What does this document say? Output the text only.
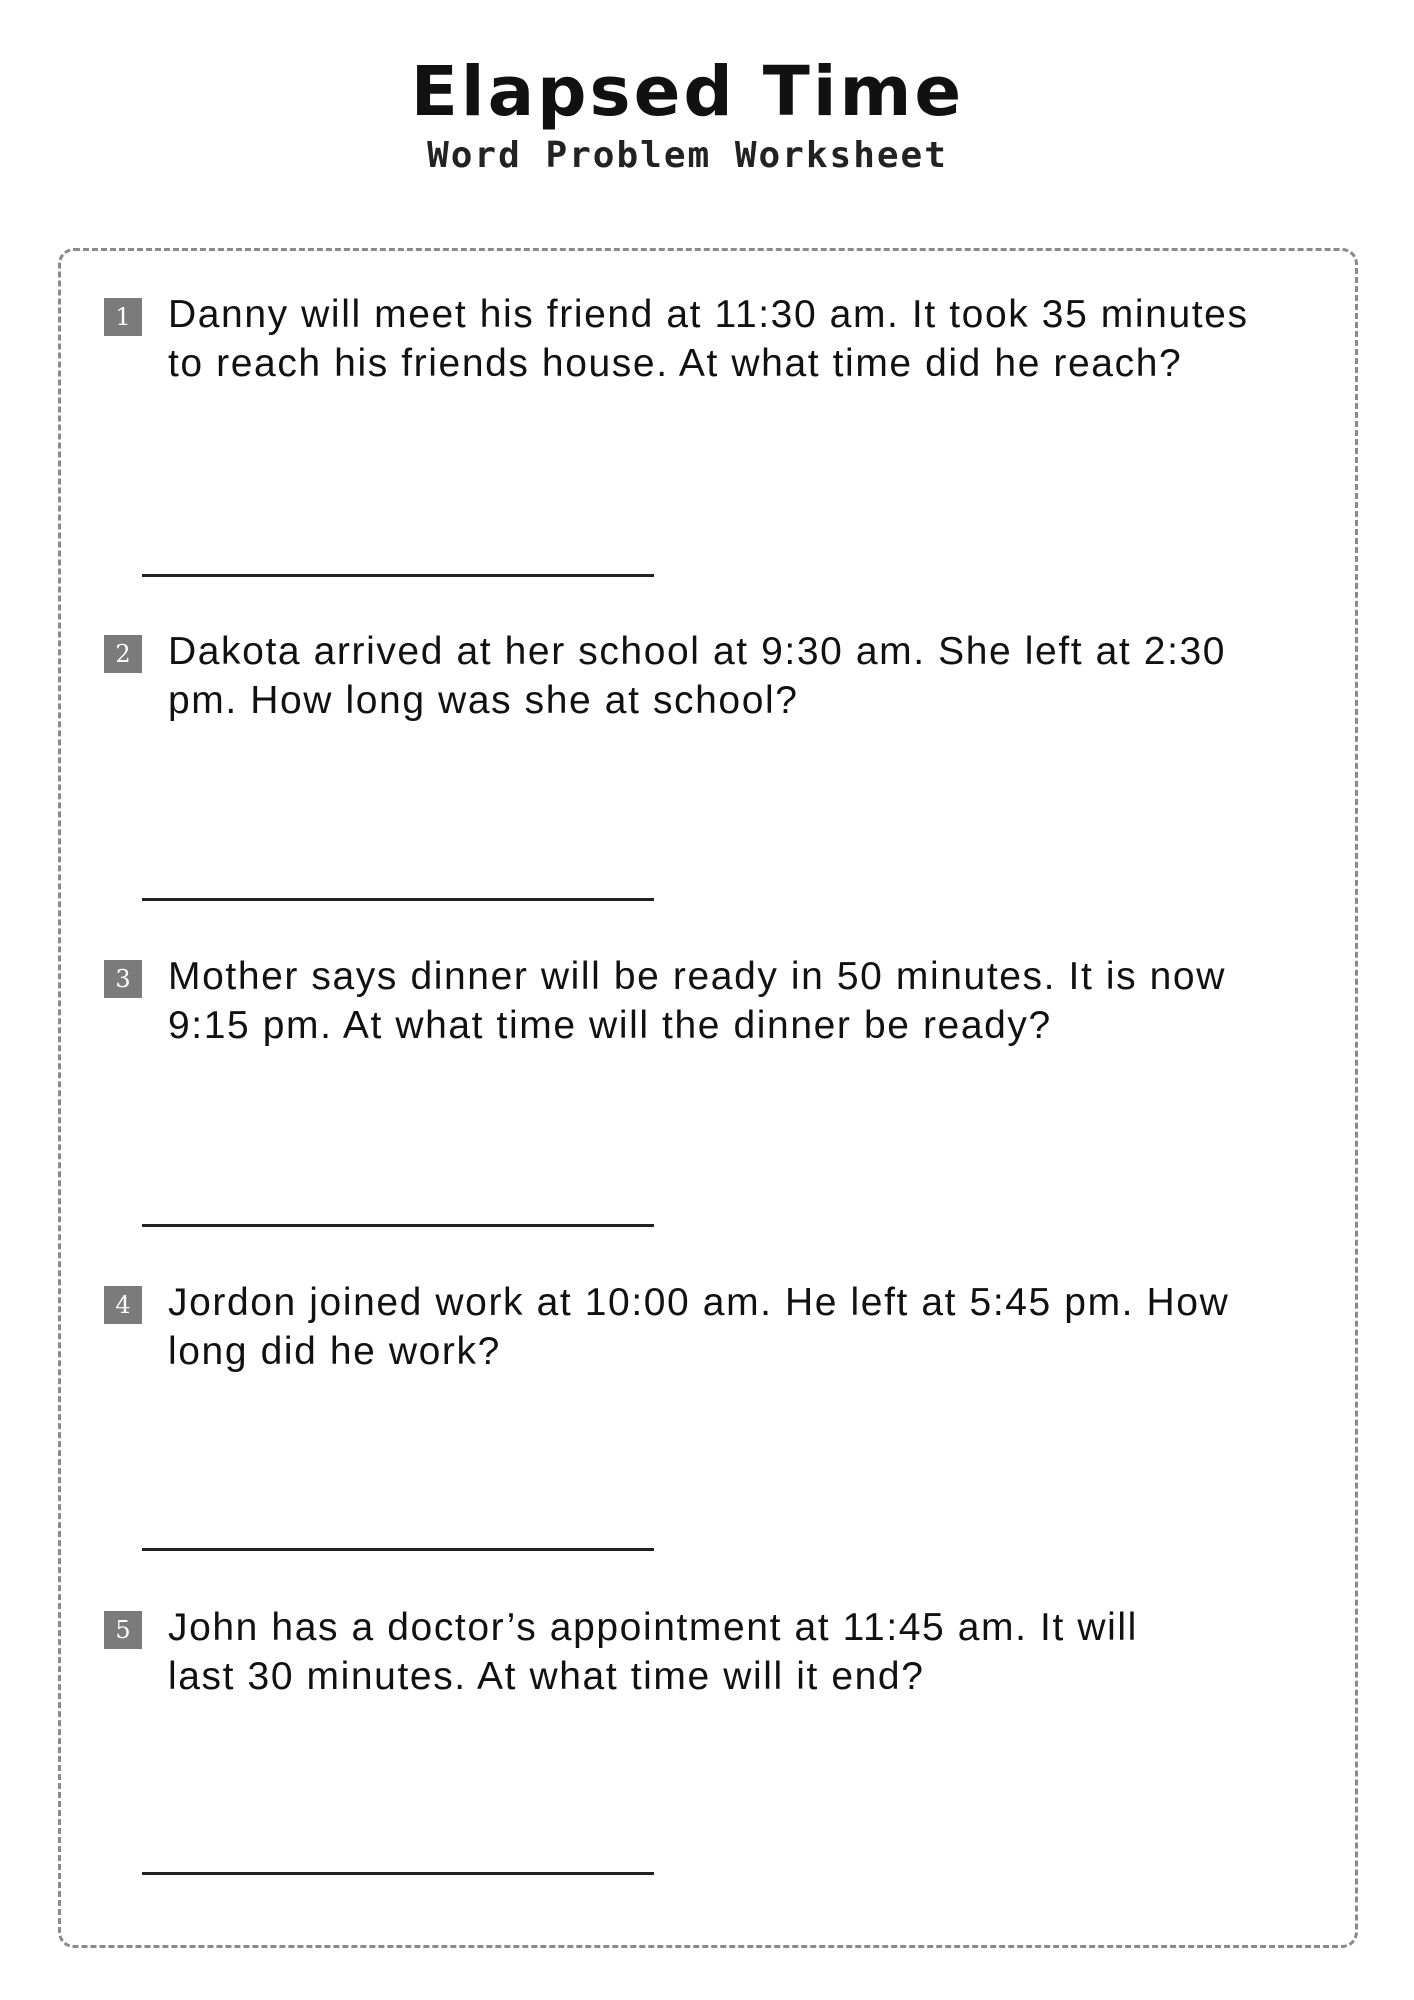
Elapsed Time
Word Problem Worksheet
1 Danny will meet his friend at 11:30 am. It took 35 minutes
to reach his friends house. At what time did he reach?

2 Dakota arrived at her school at 9:30 am. She left at 2:30
pm. How long was she at school?

3 Mother says dinner will be ready in 50 minutes. It is now
9:15 pm. At what time will the dinner be ready?

4 Jordon joined work at 10:00 am. He left at 5:45 pm. How
long did he work?

5 John has a doctor’s appointment at 11:45 am. It will
last 30 minutes. At what time will it end?
